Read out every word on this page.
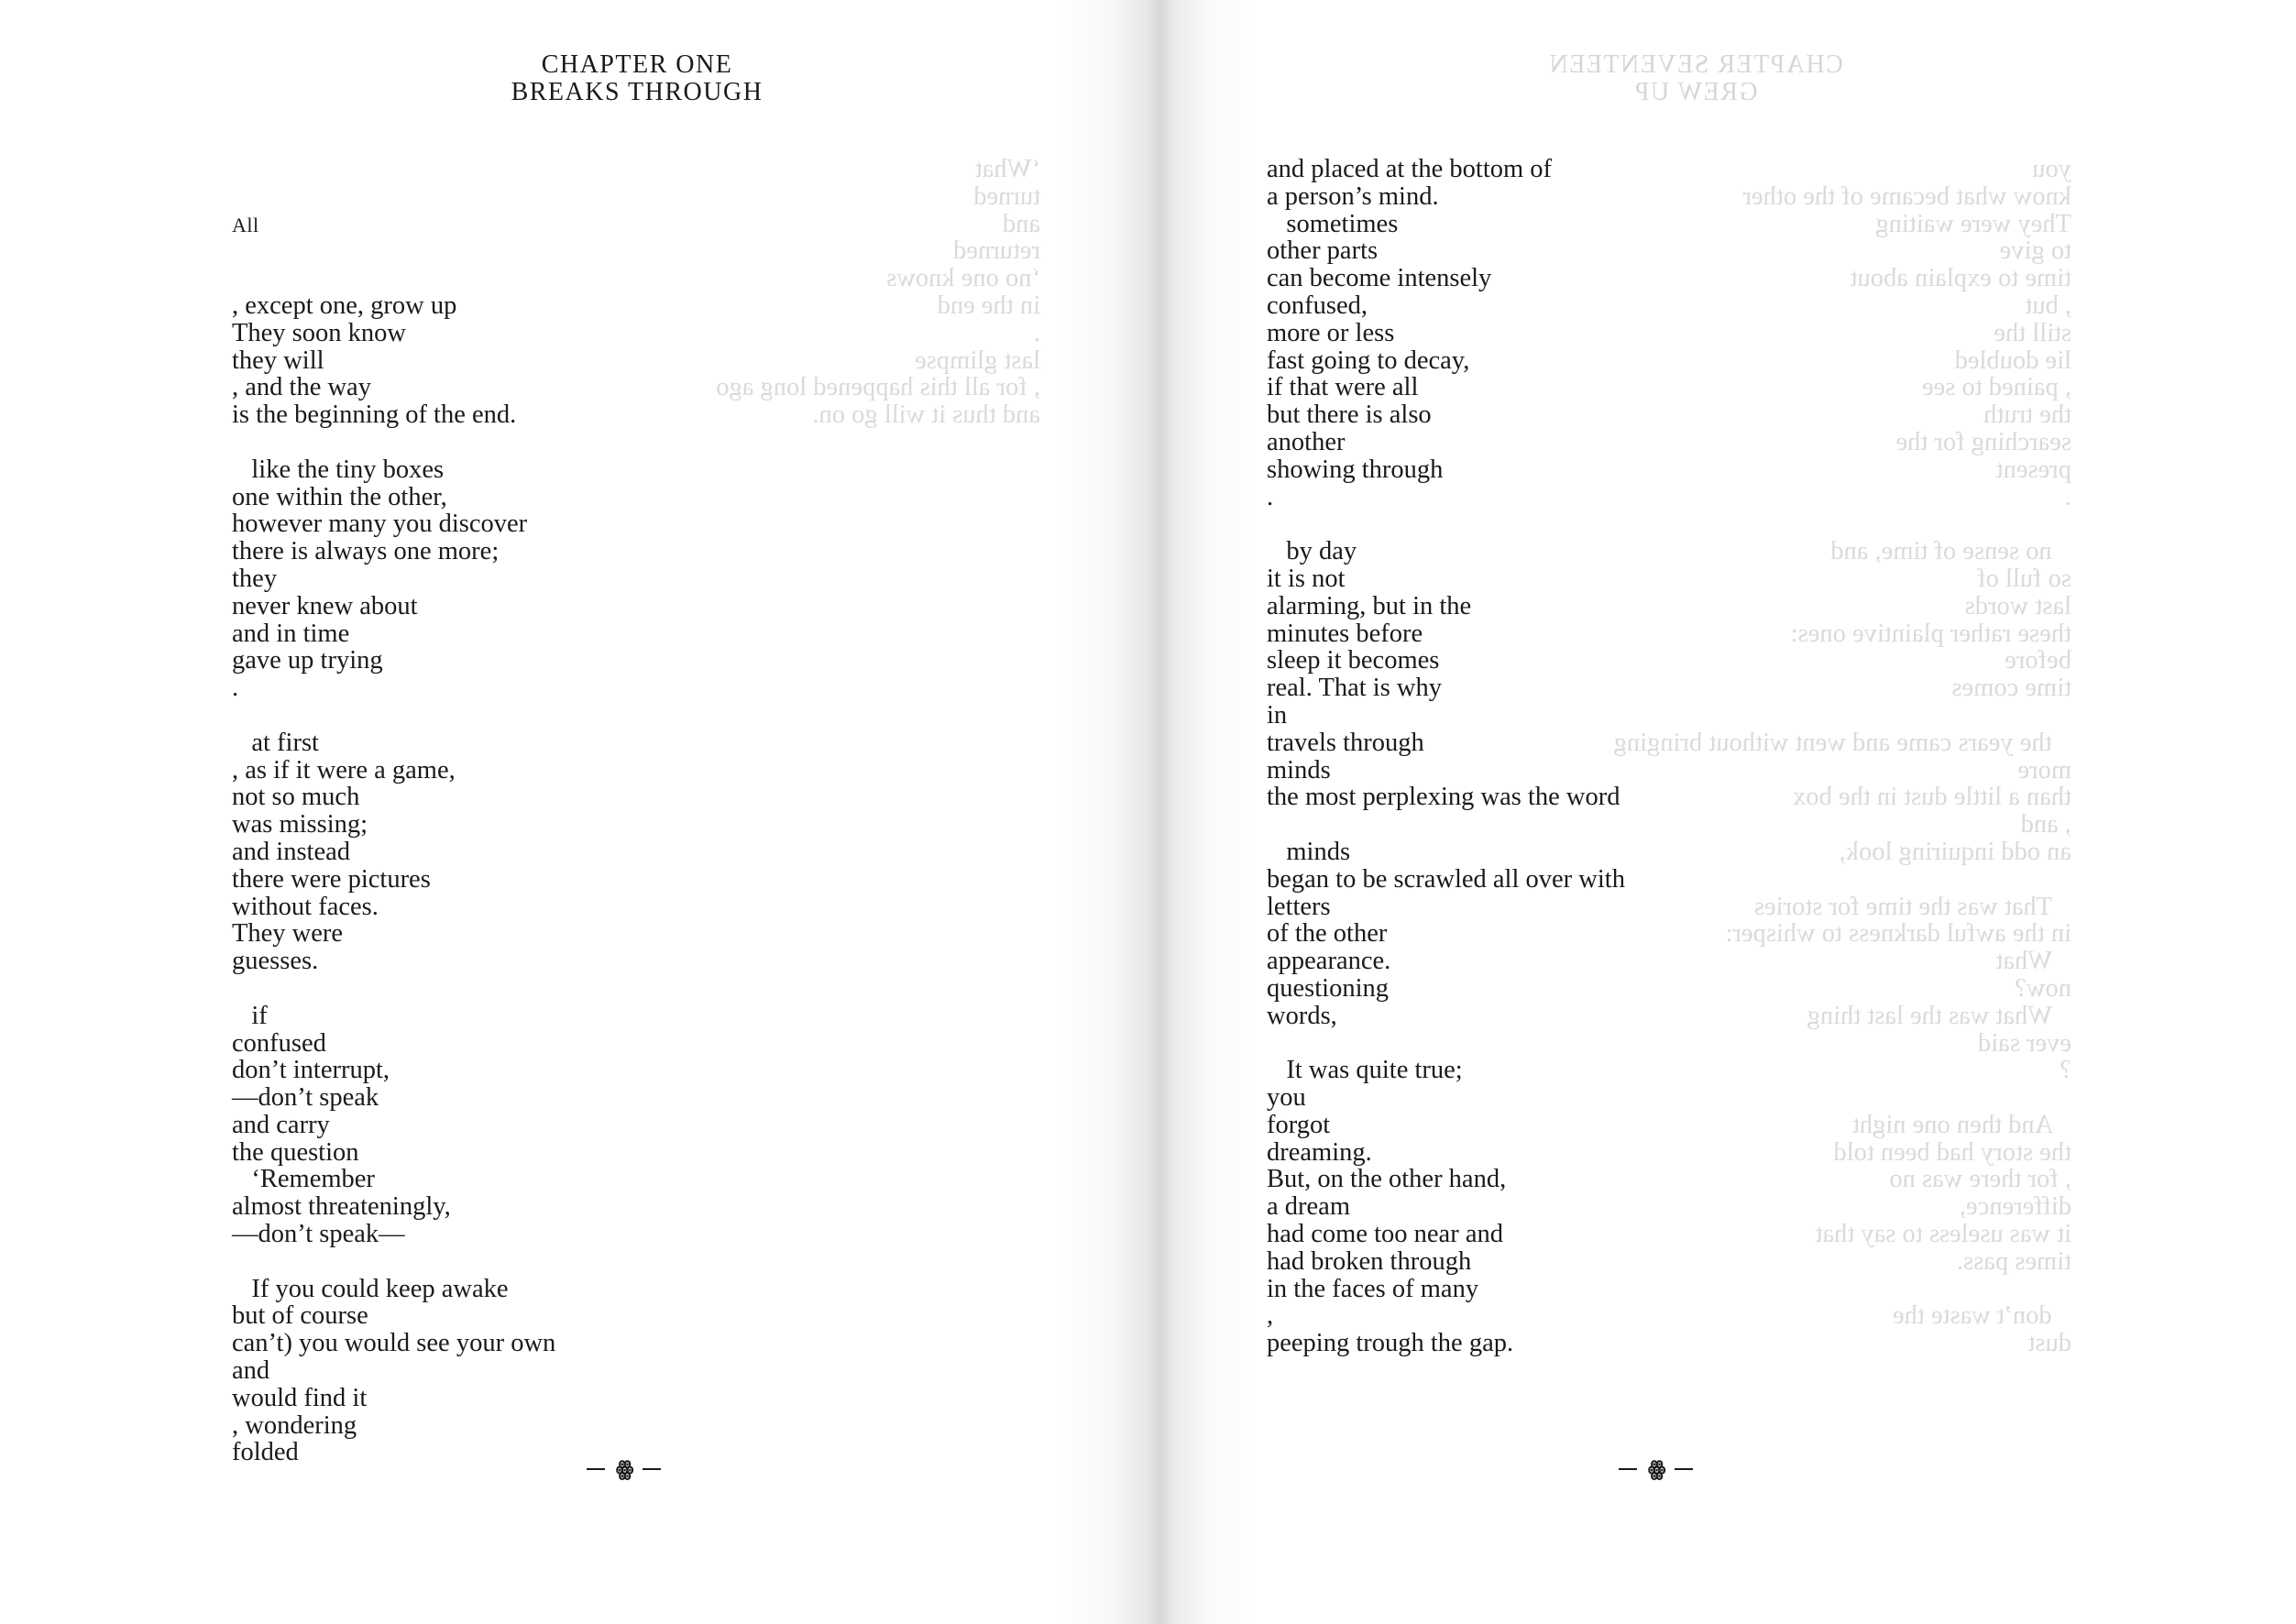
CHAPTER ONE
BREAKS THROUGH
CHAPTER SEVENTEEN
GREW UP

All

, except one, grow up
They soon know
they will
, and the way
is the beginning of the end.

like the tiny boxes
one within the other,
however many you discover
there is always one more;
they
never knew about
and in time
gave up trying
.

at first
, as if it were a game,
not so much
was missing;
and instead
there were pictures
without faces.
They were
guesses.

if
confused
don’t interrupt,
—don’t speak
and carry
the question
‘Remember
almost threateningly,
—don’t speak—

If you could keep awake
but of course
can’t) you would see your own
and
would find it
, wondering
folded
‘What
turned
and
returned
‘no one knows
in the end
.
last glimpse
, for all this happened long ago
and thus it will go on.
and placed at the bottom of
a person’s mind.
sometimes
other parts
can become intensely
confused,
more or less
fast going to decay,
if that were all
but there is also
another
showing through
.

by day
it is not
alarming, but in the
minutes before
sleep it becomes
real. That is why
in
travels through
minds
the most perplexing was the word

minds
began to be scrawled all over with
letters
of the other
appearance.
questioning
words,

It was quite true;
you
forgot
dreaming.
But, on the other hand,
a dream
had come too near and
had broken through
in the faces of many
,
peeping trough the gap.
you
know what became of the other
They were waiting
to give
time to explain about
, but
still the
lie doubled
, pained to see
the truth
searching for the
present
.

no sense of time, and
so full of
last words
these rather plaintive ones:
before
time comes

the years came and went without bringing
more
than a little dust in the box
, and
an odd inquiring look,

That was the time for stories
in the awful darkness to whisper:
What
now?
What was the last thing
ever said
?

And then one night
the story had been told
, for there was no
difference,
it was useless to say that
times pass.

don’t waste the
dust
ꙮ	ꙮ
